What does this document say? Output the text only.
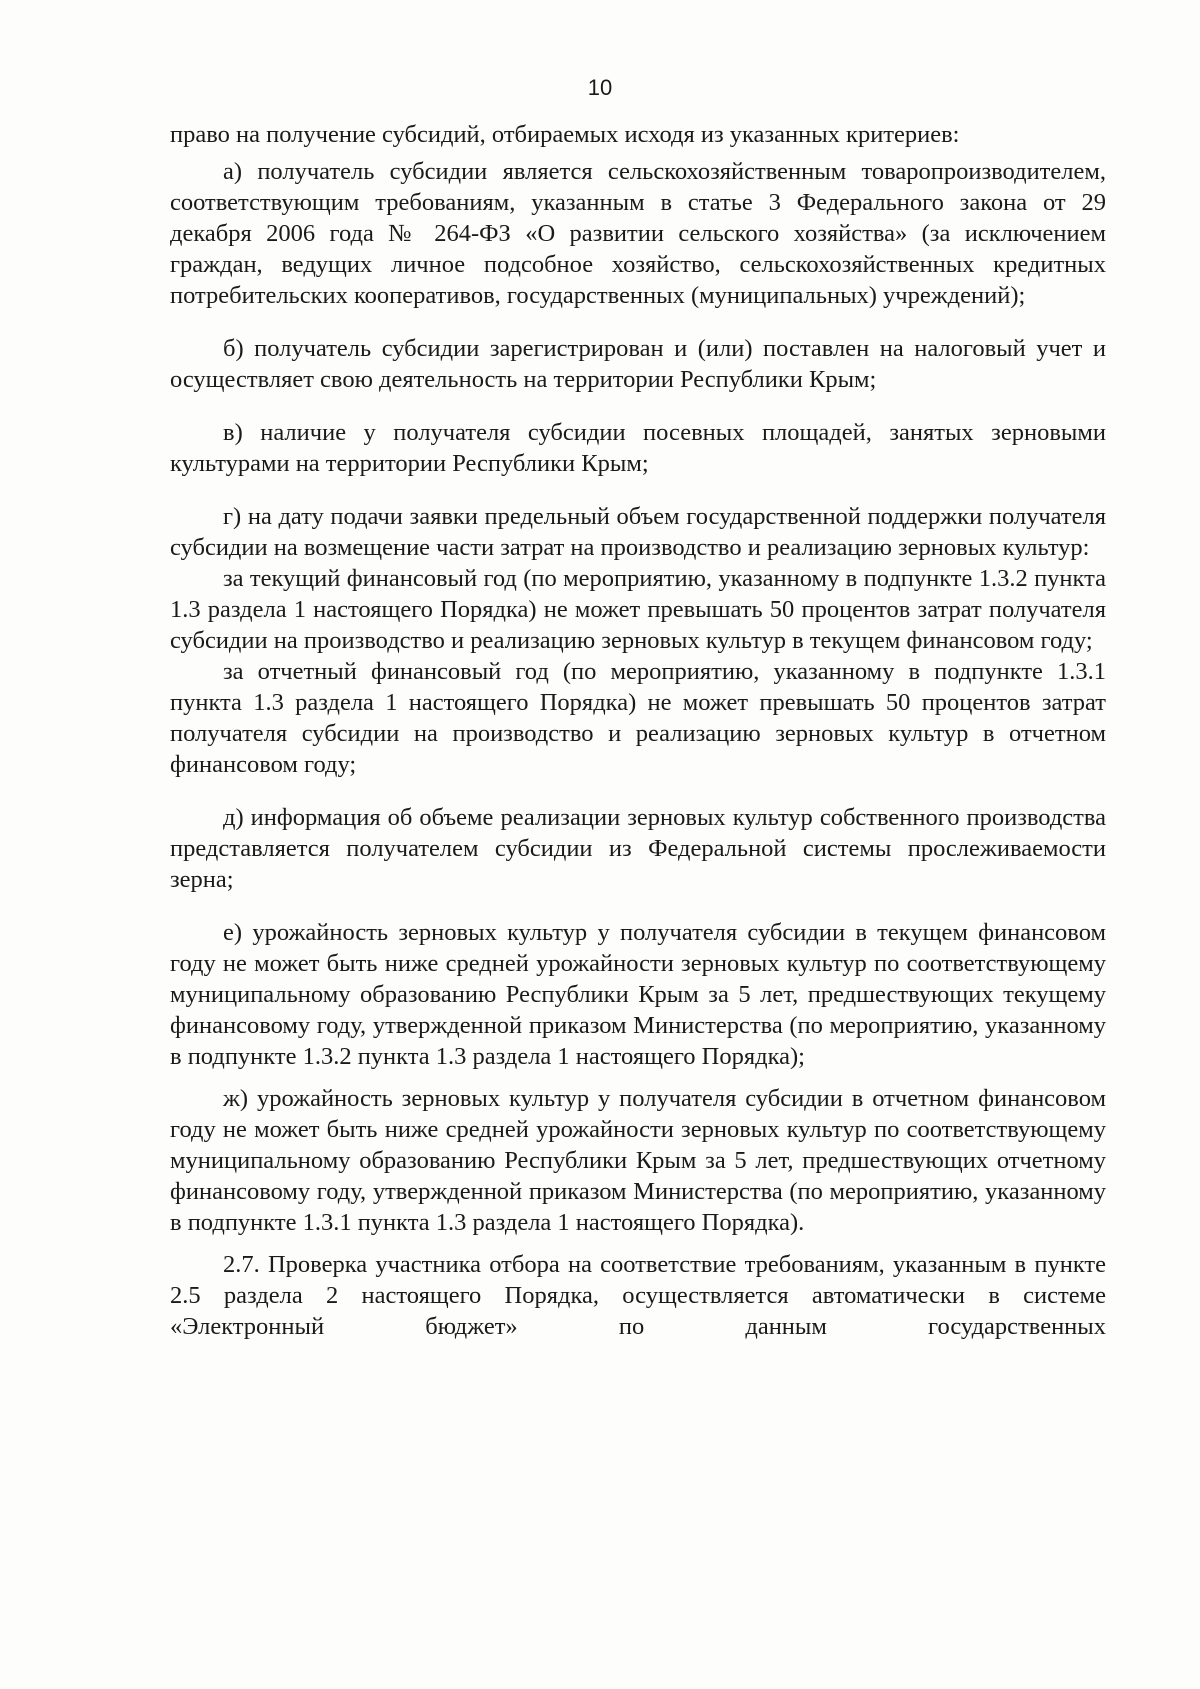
10

право на получение субсидий, отбираемых исходя из указанных критериев:

а) получатель субсидии является сельскохозяйственным товаропроизводителем, соответствующим требованиям, указанным в статье 3 Федерального закона от 29 декабря 2006 года № 264-ФЗ «О развитии сельского хозяйства» (за исключением граждан, ведущих личное подсобное хозяйство, сельскохозяйственных кредитных потребительских кооперативов, государственных (муниципальных) учреждений);

б) получатель субсидии зарегистрирован и (или) поставлен на налоговый учет и осуществляет свою деятельность на территории Республики Крым;

в) наличие у получателя субсидии посевных площадей, занятых зерновыми культурами на территории Республики Крым;

г) на дату подачи заявки предельный объем государственной поддержки получателя субсидии на возмещение части затрат на производство и реализацию зерновых культур:

за текущий финансовый год (по мероприятию, указанному в подпункте 1.3.2 пункта 1.3 раздела 1 настоящего Порядка) не может превышать 50 процентов затрат получателя субсидии на производство и реализацию зерновых культур в текущем финансовом году;

за отчетный финансовый год (по мероприятию, указанному в подпункте 1.3.1 пункта 1.3 раздела 1 настоящего Порядка) не может превышать 50 процентов затрат получателя субсидии на производство и реализацию зерновых культур в отчетном финансовом году;

д) информация об объеме реализации зерновых культур собственного производства представляется получателем субсидии из Федеральной системы прослеживаемости зерна;

е) урожайность зерновых культур у получателя субсидии в текущем финансовом году не может быть ниже средней урожайности зерновых культур по соответствующему муниципальному образованию Республики Крым за 5 лет, предшествующих текущему финансовому году, утвержденной приказом Министерства (по мероприятию, указанному в подпункте 1.3.2 пункта 1.3 раздела 1 настоящего Порядка);

ж) урожайность зерновых культур у получателя субсидии в отчетном финансовом году не может быть ниже средней урожайности зерновых культур по соответствующему муниципальному образованию Республики Крым за 5 лет, предшествующих отчетному финансовому году, утвержденной приказом Министерства (по мероприятию, указанному в подпункте 1.3.1 пункта 1.3 раздела 1 настоящего Порядка).

2.7. Проверка участника отбора на соответствие требованиям, указанным в пункте 2.5 раздела 2 настоящего Порядка, осуществляется автоматически в системе «Электронный бюджет» по данным государственных
